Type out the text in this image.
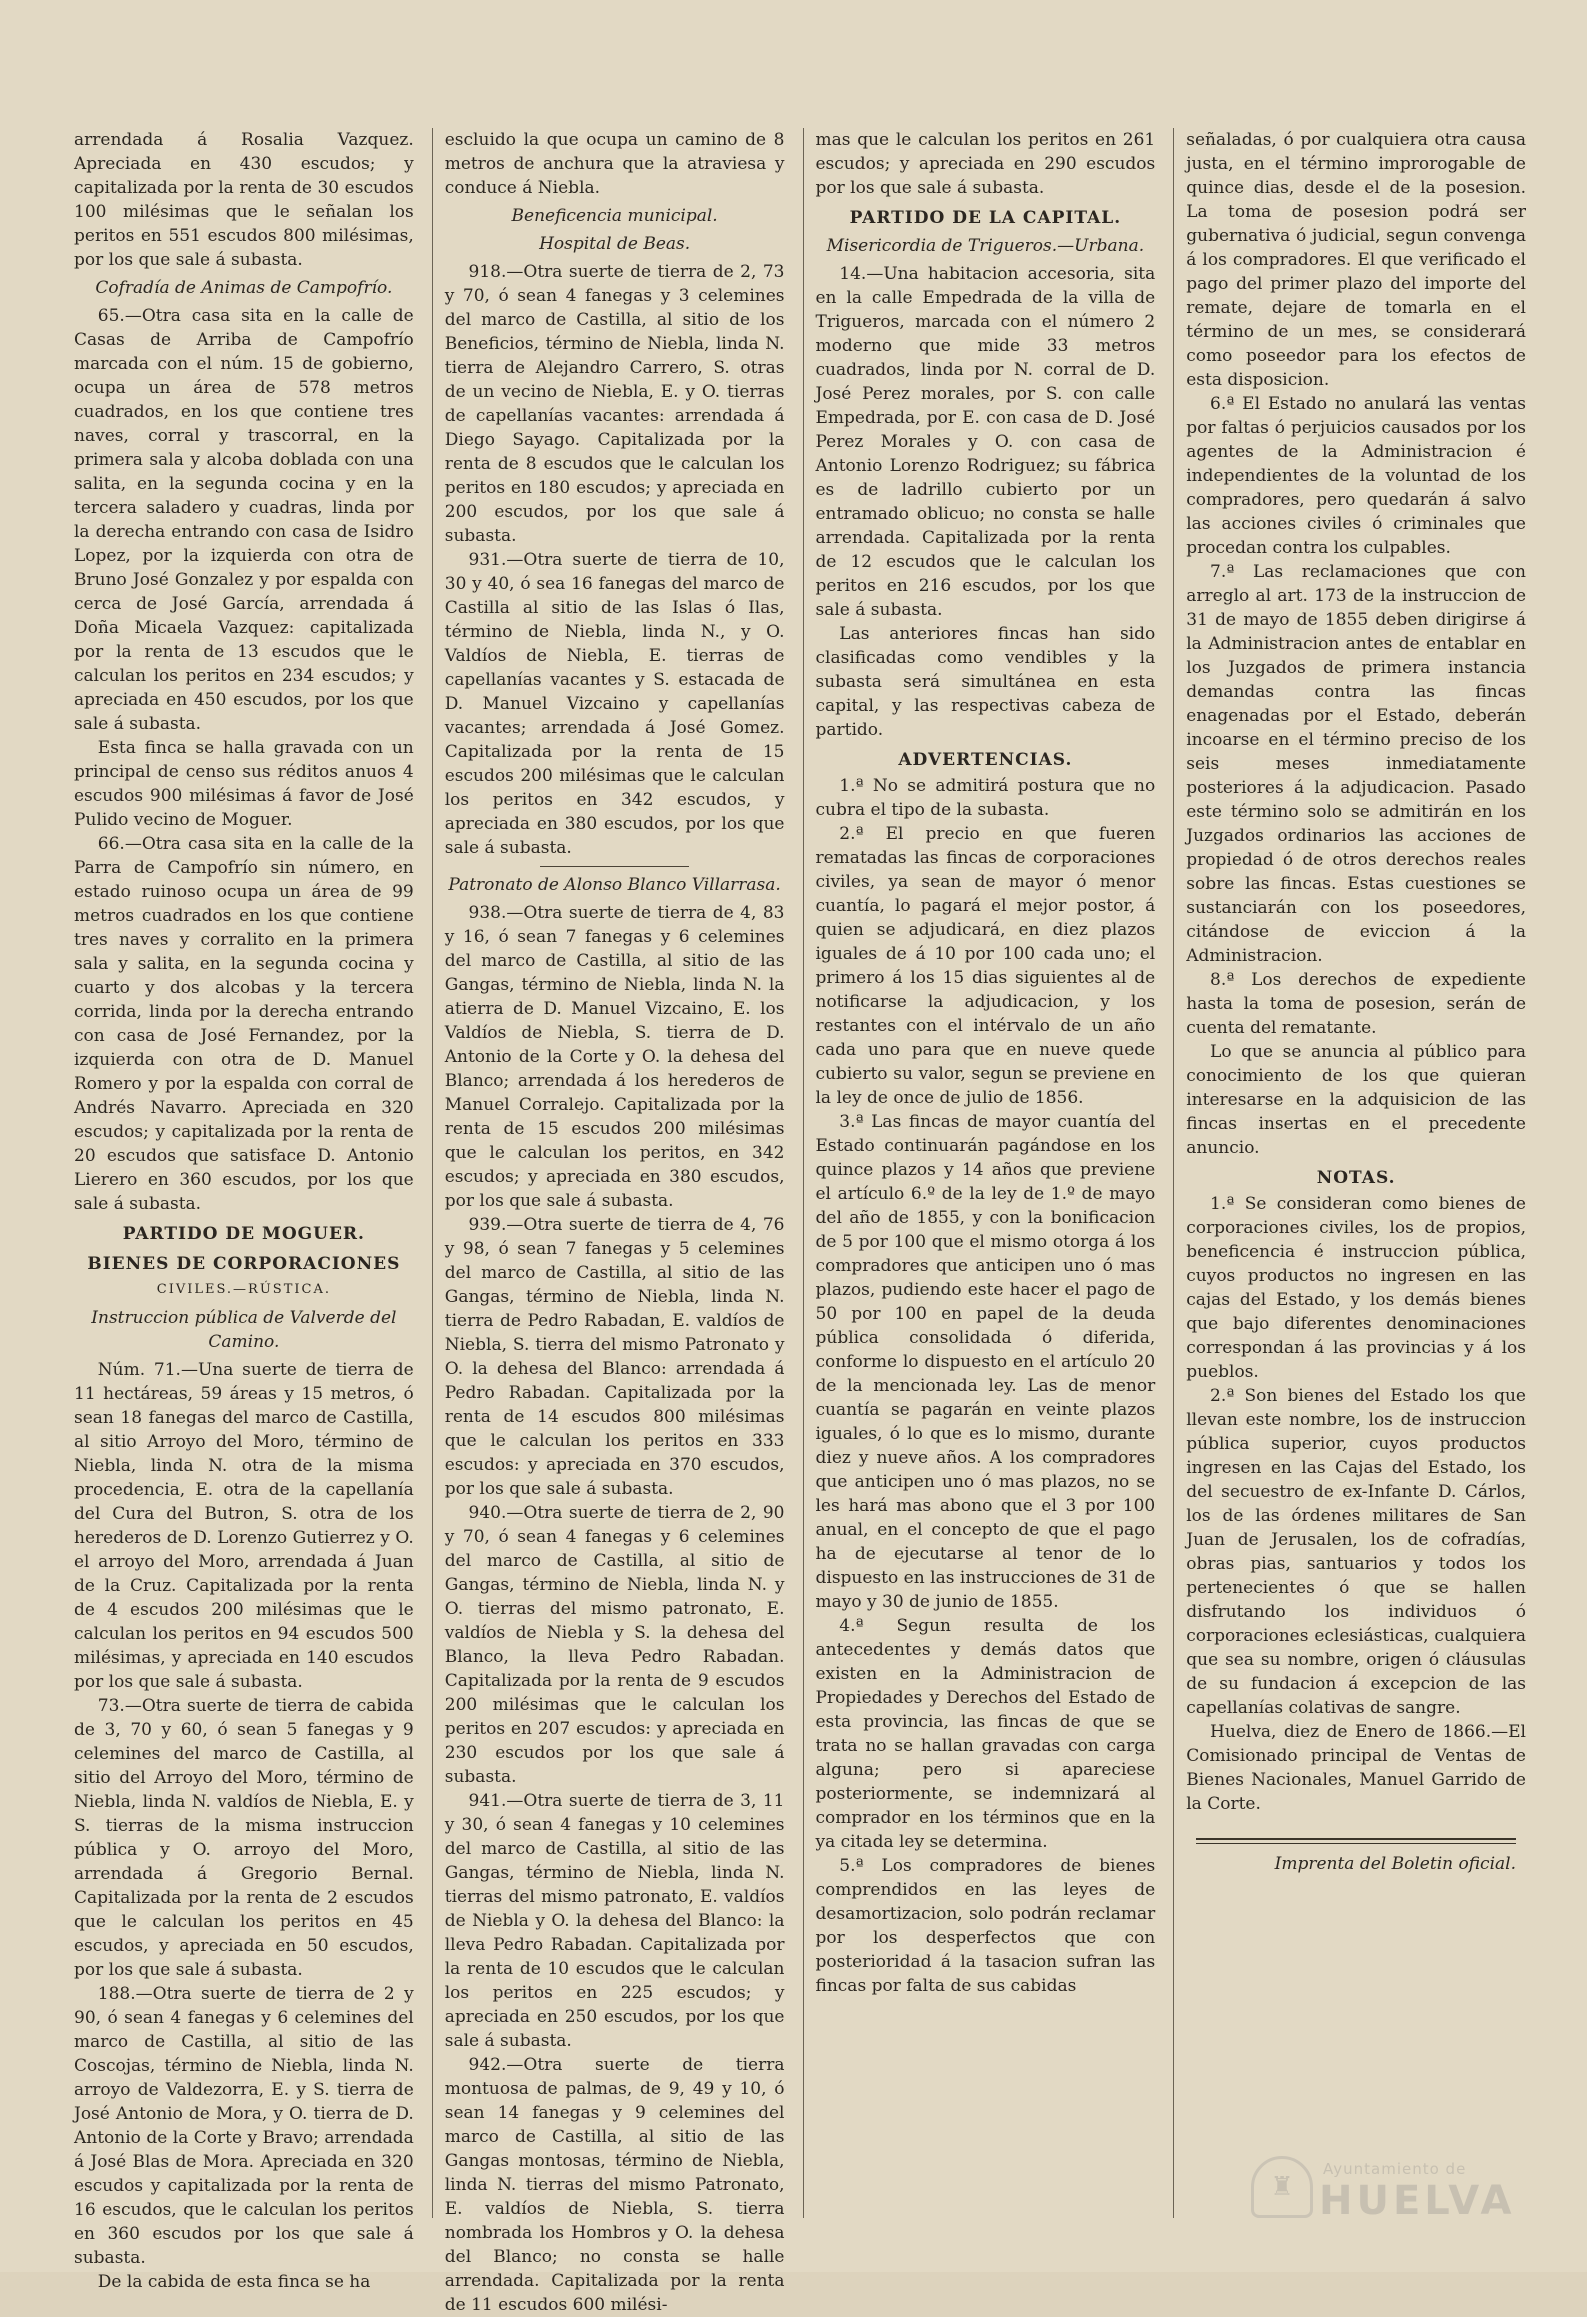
arrendada á Rosalia Vazquez. Apreciada en 430 escudos; y capitalizada por la renta de 30 escudos 100 milésimas que le señalan los peritos en 551 escudos 800 milésimas, por los que sale á subasta.
Cofradía de Animas de Campofrío.
65.—Otra casa sita en la calle de Casas de Arriba de Campofrío marcada con el núm. 15 de gobierno, ocupa un área de 578 metros cuadrados, en los que contiene tres naves, corral y trascorral, en la primera sala y alcoba doblada con una salita, en la segunda cocina y en la tercera saladero y cuadras, linda por la derecha entrando con casa de Isidro Lopez, por la izquierda con otra de Bruno José Gonzalez y por espalda con cerca de José García, arrendada á Doña Micaela Vazquez: capitalizada por la renta de 13 escudos que le calculan los peritos en 234 escudos; y apreciada en 450 escudos, por los que sale á subasta.
Esta finca se halla gravada con un principal de censo sus réditos anuos 4 escudos 900 milésimas á favor de José Pulido vecino de Moguer.
66.—Otra casa sita en la calle de la Parra de Campofrío sin número, en estado ruinoso ocupa un área de 99 metros cuadrados en los que contiene tres naves y corralito en la primera sala y salita, en la segunda cocina y cuarto y dos alcobas y la tercera corrida, linda por la derecha entrando con casa de José Fernandez, por la izquierda con otra de D. Manuel Romero y por la espalda con corral de Andrés Navarro. Apreciada en 320 escudos; y capitalizada por la renta de 20 escudos que satisface D. Antonio Lierero en 360 escudos, por los que sale á subasta.
PARTIDO DE MOGUER.
BIENES DE CORPORACIONES
CIVILES.—RÚSTICA.
Instruccion pública de Valverde del Camino.
Núm. 71.—Una suerte de tierra de 11 hectáreas, 59 áreas y 15 metros, ó sean 18 fanegas del marco de Castilla, al sitio Arroyo del Moro, término de Niebla, linda N. otra de la misma procedencia, E. otra de la capellanía del Cura del Butron, S. otra de los herederos de D. Lorenzo Gutierrez y O. el arroyo del Moro, arrendada á Juan de la Cruz. Capitalizada por la renta de 4 escudos 200 milésimas que le calculan los peritos en 94 escudos 500 milésimas, y apreciada en 140 escudos por los que sale á subasta.
73.—Otra suerte de tierra de cabida de 3, 70 y 60, ó sean 5 fanegas y 9 celemines del marco de Castilla, al sitio del Arroyo del Moro, término de Niebla, linda N. valdíos de Niebla, E. y S. tierras de la misma instruccion pública y O. arroyo del Moro, arrendada á Gregorio Bernal. Capitalizada por la renta de 2 escudos que le calculan los peritos en 45 escudos, y apreciada en 50 escudos, por los que sale á subasta.
188.—Otra suerte de tierra de 2 y 90, ó sean 4 fanegas y 6 celemines del marco de Castilla, al sitio de las Coscojas, término de Niebla, linda N. arroyo de Valdezorra, E. y S. tierra de José Antonio de Mora, y O. tierra de D. Antonio de la Corte y Bravo; arrendada á José Blas de Mora. Apreciada en 320 escudos y capitalizada por la renta de 16 escudos, que le calculan los peritos en 360 escudos por los que sale á subasta.
De la cabida de esta finca se ha
escluido la que ocupa un camino de 8 metros de anchura que la atraviesa y conduce á Niebla.
Beneficencia municipal.
Hospital de Beas.
918.—Otra suerte de tierra de 2, 73 y 70, ó sean 4 fanegas y 3 celemines del marco de Castilla, al sitio de los Beneficios, término de Niebla, linda N. tierra de Alejandro Carrero, S. otras de un vecino de Niebla, E. y O. tierras de capellanías vacantes: arrendada á Diego Sayago. Capitalizada por la renta de 8 escudos que le calculan los peritos en 180 escudos; y apreciada en 200 escudos, por los que sale á subasta.
931.—Otra suerte de tierra de 10, 30 y 40, ó sea 16 fanegas del marco de Castilla al sitio de las Islas ó Ilas, término de Niebla, linda N., y O. Valdíos de Niebla, E. tierras de capellanías vacantes y S. estacada de D. Manuel Vizcaino y capellanías vacantes; arrendada á José Gomez. Capitalizada por la renta de 15 escudos 200 milésimas que le calculan los peritos en 342 escudos, y apreciada en 380 escudos, por los que sale á subasta.
Patronato de Alonso Blanco Villarrasa.
938.—Otra suerte de tierra de 4, 83 y 16, ó sean 7 fanegas y 6 celemines del marco de Castilla, al sitio de las Gangas, término de Niebla, linda N. la atierra de D. Manuel Vizcaino, E. los Valdíos de Niebla, S. tierra de D. Antonio de la Corte y O. la dehesa del Blanco; arrendada á los herederos de Manuel Corralejo. Capitalizada por la renta de 15 escudos 200 milésimas que le calculan los peritos, en 342 escudos; y apreciada en 380 escudos, por los que sale á subasta.
939.—Otra suerte de tierra de 4, 76 y 98, ó sean 7 fanegas y 5 celemines del marco de Castilla, al sitio de las Gangas, término de Niebla, linda N. tierra de Pedro Rabadan, E. valdíos de Niebla, S. tierra del mismo Patronato y O. la dehesa del Blanco: arrendada á Pedro Rabadan. Capitalizada por la renta de 14 escudos 800 milésimas que le calculan los peritos en 333 escudos: y apreciada en 370 escudos, por los que sale á subasta.
940.—Otra suerte de tierra de 2, 90 y 70, ó sean 4 fanegas y 6 celemines del marco de Castilla, al sitio de Gangas, término de Niebla, linda N. y O. tierras del mismo patronato, E. valdíos de Niebla y S. la dehesa del Blanco, la lleva Pedro Rabadan. Capitalizada por la renta de 9 escudos 200 milésimas que le calculan los peritos en 207 escudos: y apreciada en 230 escudos por los que sale á subasta.
941.—Otra suerte de tierra de 3, 11 y 30, ó sean 4 fanegas y 10 celemines del marco de Castilla, al sitio de las Gangas, término de Niebla, linda N. tierras del mismo patronato, E. valdíos de Niebla y O. la dehesa del Blanco: la lleva Pedro Rabadan. Capitalizada por la renta de 10 escudos que le calculan los peritos en 225 escudos; y apreciada en 250 escudos, por los que sale á subasta.
942.—Otra suerte de tierra montuosa de palmas, de 9, 49 y 10, ó sean 14 fanegas y 9 celemines del marco de Castilla, al sitio de las Gangas montosas, término de Niebla, linda N. tierras del mismo Patronato, E. valdíos de Niebla, S. tierra nombrada los Hombros y O. la dehesa del Blanco; no consta se halle arrendada. Capitalizada por la renta de 11 escudos 600 milési-
mas que le calculan los peritos en 261 escudos; y apreciada en 290 escudos por los que sale á subasta.
PARTIDO DE LA CAPITAL.
Misericordia de Trigueros.—Urbana.
14.—Una habitacion accesoria, sita en la calle Empedrada de la villa de Trigueros, marcada con el número 2 moderno que mide 33 metros cuadrados, linda por N. corral de D. José Perez morales, por S. con calle Empedrada, por E. con casa de D. José Perez Morales y O. con casa de Antonio Lorenzo Rodriguez; su fábrica es de ladrillo cubierto por un entramado oblicuo; no consta se halle arrendada. Capitalizada por la renta de 12 escudos que le calculan los peritos en 216 escudos, por los que sale á subasta.
Las anteriores fincas han sido clasificadas como vendibles y la subasta será simultánea en esta capital, y las respectivas cabeza de partido.
ADVERTENCIAS.
1.ª No se admitirá postura que no cubra el tipo de la subasta.
2.ª El precio en que fueren rematadas las fincas de corporaciones civiles, ya sean de mayor ó menor cuantía, lo pagará el mejor postor, á quien se adjudicará, en diez plazos iguales de á 10 por 100 cada uno; el primero á los 15 dias siguientes al de notificarse la adjudicacion, y los restantes con el intérvalo de un año cada uno para que en nueve quede cubierto su valor, segun se previene en la ley de once de julio de 1856.
3.ª Las fincas de mayor cuantía del Estado continuarán pagándose en los quince plazos y 14 años que previene el artículo 6.º de la ley de 1.º de mayo del año de 1855, y con la bonificacion de 5 por 100 que el mismo otorga á los compradores que anticipen uno ó mas plazos, pudiendo este hacer el pago de 50 por 100 en papel de la deuda pública consolidada ó diferida, conforme lo dispuesto en el artículo 20 de la mencionada ley. Las de menor cuantía se pagarán en veinte plazos iguales, ó lo que es lo mismo, durante diez y nueve años. A los compradores que anticipen uno ó mas plazos, no se les hará mas abono que el 3 por 100 anual, en el concepto de que el pago ha de ejecutarse al tenor de lo dispuesto en las instrucciones de 31 de mayo y 30 de junio de 1855.
4.ª Segun resulta de los antecedentes y demás datos que existen en la Administracion de Propiedades y Derechos del Estado de esta provincia, las fincas de que se trata no se hallan gravadas con carga alguna; pero si apareciese posteriormente, se indemnizará al comprador en los términos que en la ya citada ley se determina.
5.ª Los compradores de bienes comprendidos en las leyes de desamortizacion, solo podrán reclamar por los desperfectos que con posterioridad á la tasacion sufran las fincas por falta de sus cabidas
señaladas, ó por cualquiera otra causa justa, en el término improrogable de quince dias, desde el de la posesion. La toma de posesion podrá ser gubernativa ó judicial, segun convenga á los compradores. El que verificado el pago del primer plazo del importe del remate, dejare de tomarla en el término de un mes, se considerará como poseedor para los efectos de esta disposicion.
6.ª El Estado no anulará las ventas por faltas ó perjuicios causados por los agentes de la Administracion é independientes de la voluntad de los compradores, pero quedarán á salvo las acciones civiles ó criminales que procedan contra los culpables.
7.ª Las reclamaciones que con arreglo al art. 173 de la instruccion de 31 de mayo de 1855 deben dirigirse á la Administracion antes de entablar en los Juzgados de primera instancia demandas contra las fincas enagenadas por el Estado, deberán incoarse en el término preciso de los seis meses inmediatamente posteriores á la adjudicacion. Pasado este término solo se admitirán en los Juzgados ordinarios las acciones de propiedad ó de otros derechos reales sobre las fincas. Estas cuestiones se sustanciarán con los poseedores, citándose de eviccion á la Administracion.
8.ª Los derechos de expediente hasta la toma de posesion, serán de cuenta del rematante.
Lo que se anuncia al público para conocimiento de los que quieran interesarse en la adquisicion de las fincas insertas en el precedente anuncio.
NOTAS.
1.ª Se consideran como bienes de corporaciones civiles, los de propios, beneficencia é instruccion pública, cuyos productos no ingresen en las cajas del Estado, y los demás bienes que bajo diferentes denominaciones correspondan á las provincias y á los pueblos.
2.ª Son bienes del Estado los que llevan este nombre, los de instruccion pública superior, cuyos productos ingresen en las Cajas del Estado, los del secuestro de ex-Infante D. Cárlos, los de las órdenes militares de San Juan de Jerusalen, los de cofradías, obras pias, santuarios y todos los pertenecientes ó que se hallen disfrutando los individuos ó corporaciones eclesiásticas, cualquiera que sea su nombre, origen ó cláusulas de su fundacion á excepcion de las capellanías colativas de sangre.
Huelva, diez de Enero de 1866.—El Comisionado principal de Ventas de Bienes Nacionales, Manuel Garrido de la Corte.
Imprenta del Boletin oficial.
♜
Ayuntamiento de
HUELVA
